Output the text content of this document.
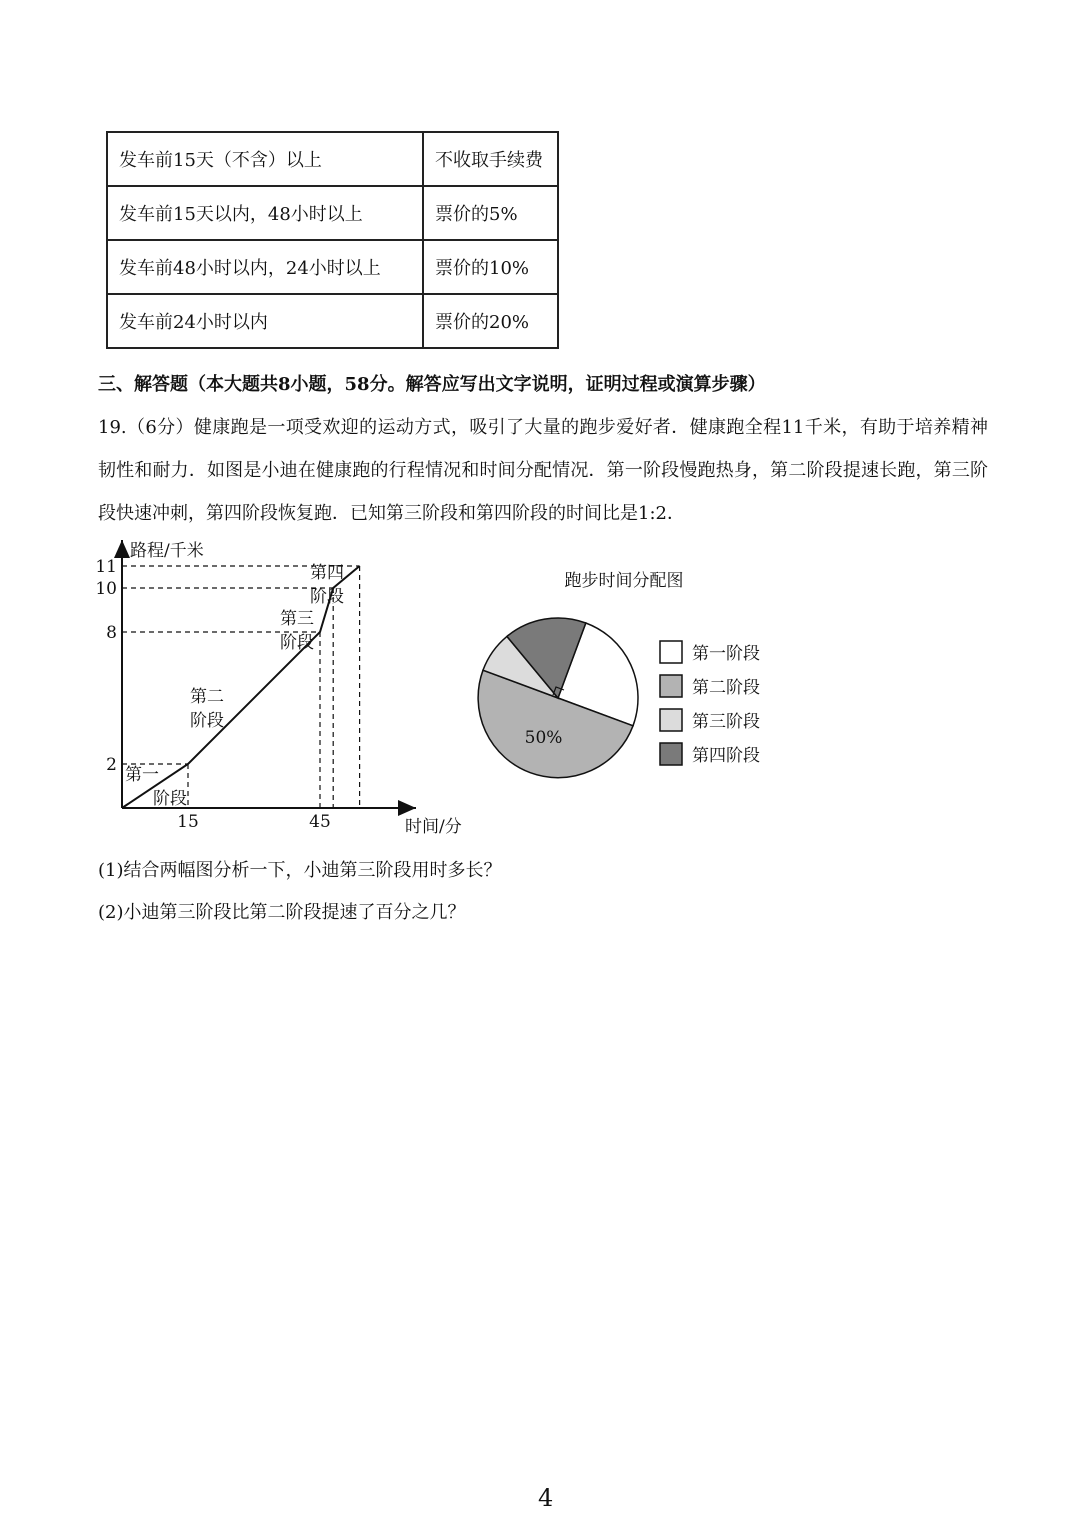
发车前15天（不含）以上	不收取手续费
发车前15天以内，48小时以上	票价的5%
发车前48小时以内，24小时以上	票价的10%
发车前24小时以内	票价的20%
三、解答题（本大题共8小题，58分。解答应写出文字说明，证明过程或演算步骤）
19.（6分）健康跑是一项受欢迎的运动方式，吸引了大量的跑步爱好者．健康跑全程11千米，有助于培养精神韧性和耐力．如图是小迪在健康跑的行程情况和时间分配情况．第一阶段慢跑热身，第二阶段提速长跑，第三阶段快速冲刺，第四阶段恢复跑．已知第三阶段和第四阶段的时间比是1:2．
路程/千米
时间/分
2
8
10
11
15	45
第一
阶段
第二
阶段
第三
阶段
第四
阶段
跑步时间分配图
50%
第一阶段
第二阶段
第三阶段
第四阶段
(1)结合两幅图分析一下，小迪第三阶段用时多长？
(2)小迪第三阶段比第二阶段提速了百分之几？
4
